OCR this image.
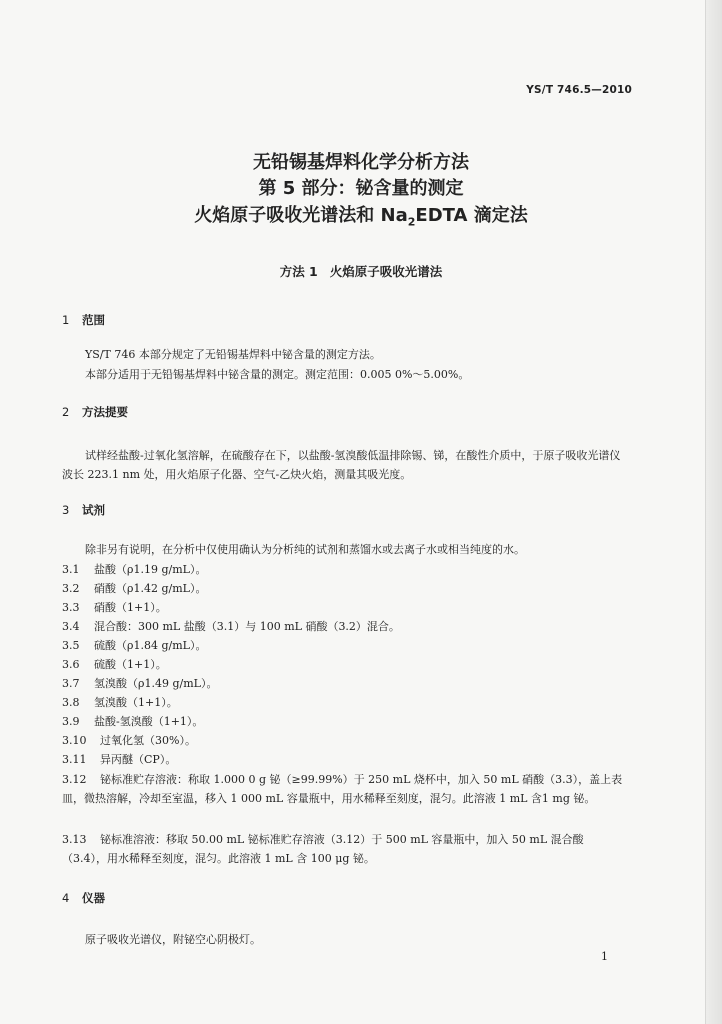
YS/T 746.5—2010
无铅锡基焊料化学分析方法
第 5 部分：铋含量的测定
火焰原子吸收光谱法和 $Na_2EDTA$ 滴定法
方法 1 火焰原子吸收光谱法
1 范围
YS/T 746 本部分规定了无铅锡基焊料中铋含量的测定方法。
本部分适用于无铅锡基焊料中铋含量的测定。测定范围：0.005 0%～5.00%。
2 方法提要
试样经盐酸-过氧化氢溶解，在硫酸存在下，以盐酸-氢溴酸低温排除锡、锑，在酸性介质中，于原子吸收光谱仪波长 223.1 nm 处，用火焰原子化器、空气-乙炔火焰，测量其吸光度。
3 试剂
除非另有说明，在分析中仅使用确认为分析纯的试剂和蒸馏水或去离子水或相当纯度的水。
3.1 盐酸（ρ1.19 g/mL）。
3.2 硝酸（ρ1.42 g/mL）。
3.3 硝酸（1+1）。
3.4 混合酸：300 mL 盐酸（3.1）与 100 mL 硝酸（3.2）混合。
3.5 硫酸（ρ1.84 g/mL）。
3.6 硫酸（1+1）。
3.7 氢溴酸（ρ1.49 g/mL）。
3.8 氢溴酸（1+1）。
3.9 盐酸-氢溴酸（1+1）。
3.10 过氧化氢（30%）。
3.11 异丙醚（CP）。
3.12 铋标准贮存溶液：称取 1.000 0 g 铋（≥99.99%）于 250 mL 烧杯中，加入 50 mL 硝酸（3.3），盖上表皿，微热溶解，冷却至室温，移入 1 000 mL 容量瓶中，用水稀释至刻度，混匀。此溶液 1 mL 含1 mg 铋。
3.13 铋标准溶液：移取 50.00 mL 铋标准贮存溶液（3.12）于 500 mL 容量瓶中，加入 50 mL 混合酸（3.4），用水稀释至刻度，混匀。此溶液 1 mL 含 100 μg 铋。
4 仪器
原子吸收光谱仪，附铋空心阴极灯。
1
